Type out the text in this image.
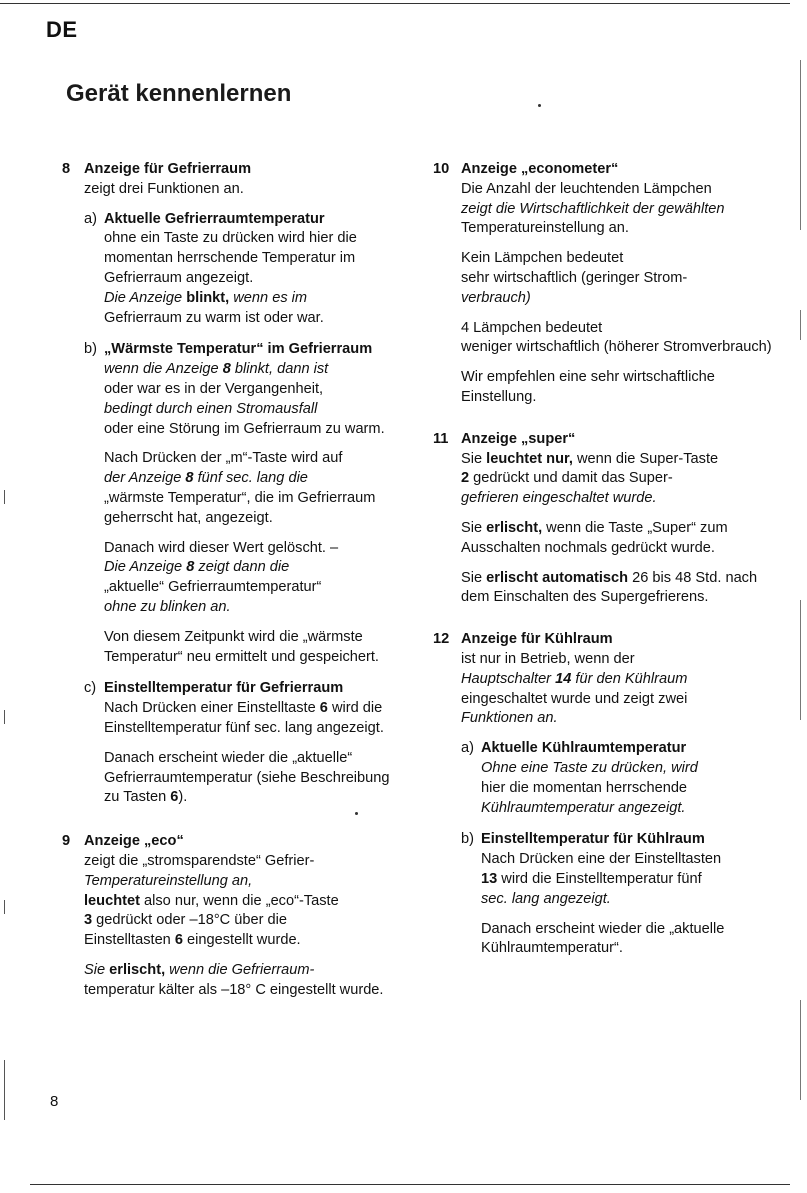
DE
Gerät kennenlernen
8 Anzeige für Gefrierraum
zeigt drei Funktionen an.
a) Aktuelle Gefrierraumtemperatur
ohne ein Taste zu drücken wird hier die momentan herrschende Temperatur im Gefrierraum angezeigt.
Die Anzeige blinkt, wenn es im
Gefrierraum zu warm ist oder war.
b) „Wärmste Temperatur“ im Gefrierraum
wenn die Anzeige 8 blinkt, dann ist
oder war es in der Vergangenheit,
bedingt durch einen Stromausfall
oder eine Störung im Gefrierraum zu warm.
Nach Drücken der „m“-Taste wird auf
der Anzeige 8 fünf sec. lang die
„wärmste Temperatur“, die im Gefrierraum geherrscht hat, angezeigt.
Danach wird dieser Wert gelöscht. –
Die Anzeige 8 zeigt dann die
„aktuelle“ Gefrierraumtemperatur“
ohne zu blinken an.
Von diesem Zeitpunkt wird die „wärmste Temperatur“ neu ermittelt und gespeichert.
c) Einstelltemperatur für Gefrierraum
Nach Drücken einer Einstelltaste 6 wird die Einstelltemperatur fünf sec. lang angezeigt.
Danach erscheint wieder die „aktuelle“ Gefrierraumtemperatur (siehe Beschreibung zu Tasten 6).
9 Anzeige „eco“
zeigt die „stromsparendste“ Gefrier-
Temperatureinstellung an,
leuchtet also nur, wenn die „eco“-Taste
3 gedrückt oder –18°C über die
Einstelltasten 6 eingestellt wurde.
Sie erlischt, wenn die Gefrierraum-
temperatur kälter als –18° C eingestellt wurde.
10 Anzeige „econometer“
Die Anzahl der leuchtenden Lämpchen
zeigt die Wirtschaftlichkeit der gewählten
Temperatureinstellung an.
Kein Lämpchen bedeutet
sehr wirtschaftlich (geringer Strom-
verbrauch)
4 Lämpchen bedeutet
weniger wirtschaftlich (höherer Stromverbrauch)
Wir empfehlen eine sehr wirtschaftliche Einstellung.
11 Anzeige „super“
Sie leuchtet nur, wenn die Super-Taste
2 gedrückt und damit das Super-
gefrieren eingeschaltet wurde.
Sie erlischt, wenn die Taste „Super“ zum Ausschalten nochmals gedrückt wurde.
Sie erlischt automatisch 26 bis 48 Std. nach dem Einschalten des Supergefrierens.
12 Anzeige für Kühlraum
ist nur in Betrieb, wenn der
Hauptschalter 14 für den Kühlraum
eingeschaltet wurde und zeigt zwei
Funktionen an.
a) Aktuelle Kühlraumtemperatur
Ohne eine Taste zu drücken, wird
hier die momentan herrschende
Kühlraumtemperatur angezeigt.
b) Einstelltemperatur für Kühlraum
Nach Drücken eine der Einstelltasten
13 wird die Einstelltemperatur fünf
sec. lang angezeigt.
Danach erscheint wieder die „aktuelle Kühlraumtemperatur“.
8
